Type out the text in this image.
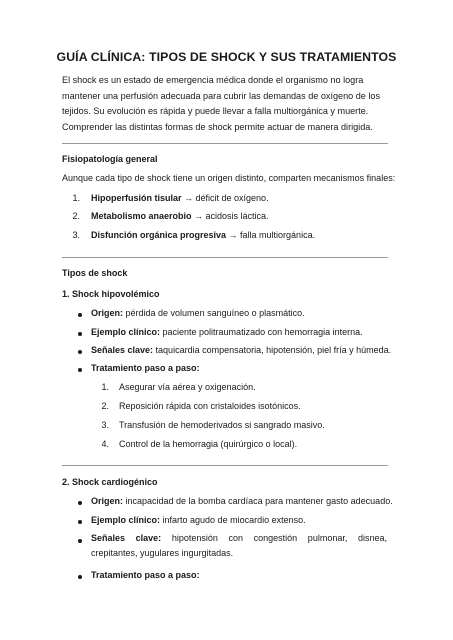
GUÍA CLÍNICA: TIPOS DE SHOCK Y SUS TRATAMIENTOS

El shock es un estado de emergencia médica donde el organismo no logra mantener una perfusión adecuada para cubrir las demandas de oxígeno de los tejidos. Su evolución es rápida y puede llevar a falla multiorgánica y muerte. Comprender las distintas formas de shock permite actuar de manera dirigida.

Fisiopatología general
Aunque cada tipo de shock tiene un origen distinto, comparten mecanismos finales:
1. Hipoperfusión tisular → déficit de oxígeno.
2. Metabolismo anaerobio → acidosis láctica.
3. Disfunción orgánica progresiva → falla multiorgánica.
Tipos de shock
1. Shock hipovolémico
Origen: pérdida de volumen sanguíneo o plasmático.
Ejemplo clínico: paciente politraumatizado con hemorragia interna.
Señales clave: taquicardia compensatoria, hipotensión, piel fría y húmeda.
Tratamiento paso a paso:
1. Asegurar vía aérea y oxigenación.
2. Reposición rápida con cristaloides isotónicos.
3. Transfusión de hemoderivados si sangrado masivo.
4. Control de la hemorragia (quirúrgico o local).
2. Shock cardiogénico
Origen: incapacidad de la bomba cardíaca para mantener gasto adecuado.
Ejemplo clínico: infarto agudo de miocardio extenso.
Señales clave: hipotensión con congestión pulmonar, disnea, crepitantes, yugulares ingurgitadas.
Tratamiento paso a paso:
